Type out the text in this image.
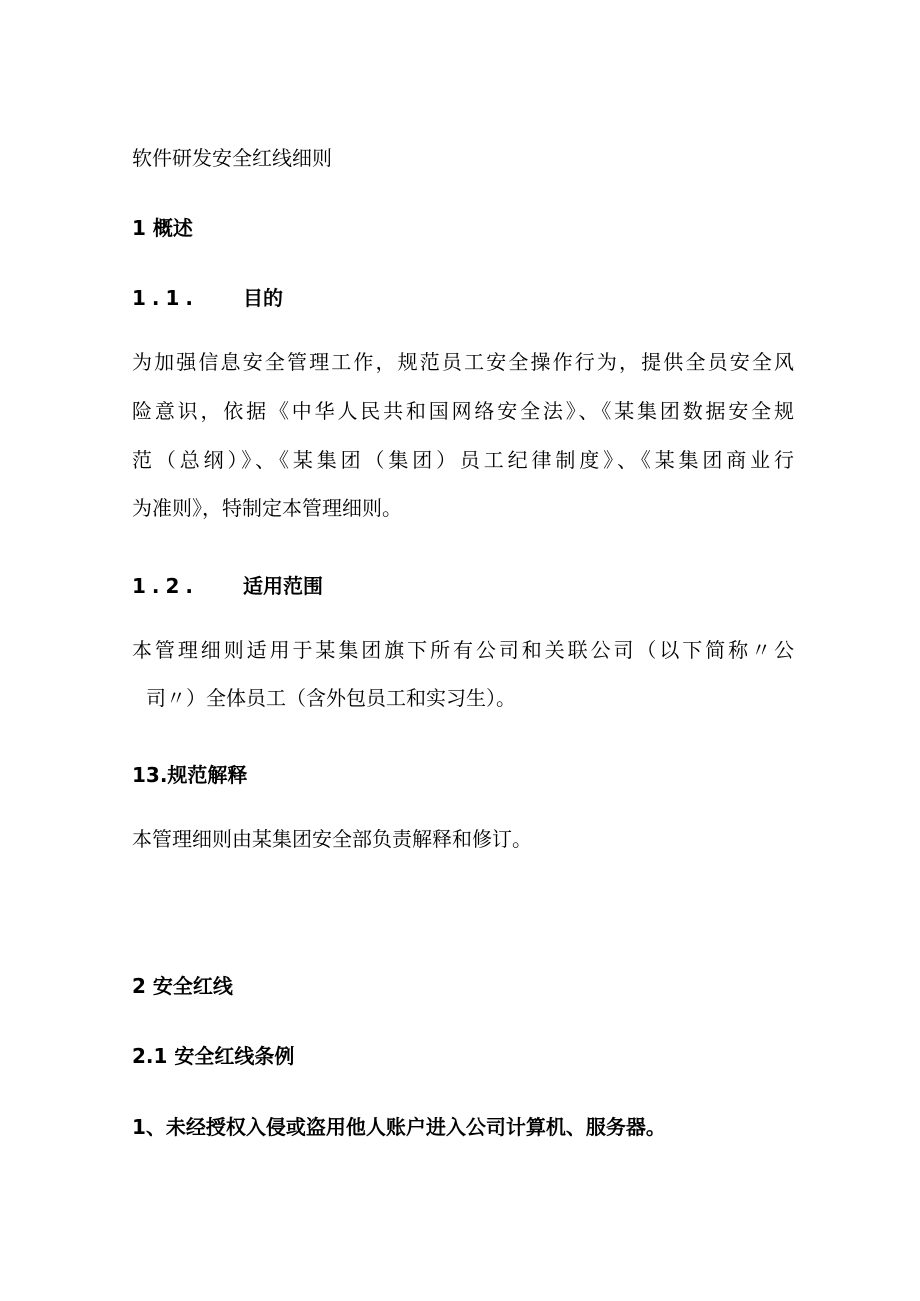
软件研发安全红线细则
1 概述
1.1. 目的
为加强信息安全管理工作，规范员工安全操作行为，提供全员安全风
险意识，依据《中华人民共和国网络安全法》、《某集团数据安全规
范（总纲）》、《某集团（集团）员工纪律制度》、《某集团商业行
为准则》，特制定本管理细则。
1.2. 适用范围
本管理细则适用于某集团旗下所有公司和关联公司（以下简称〃公
司〃）全体员工（含外包员工和实习生）。
13.规范解释
本管理细则由某集团安全部负责解释和修订。
2 安全红线
2.1 安全红线条例
1、未经授权入侵或盗用他人账户进入公司计算机、服务器。
